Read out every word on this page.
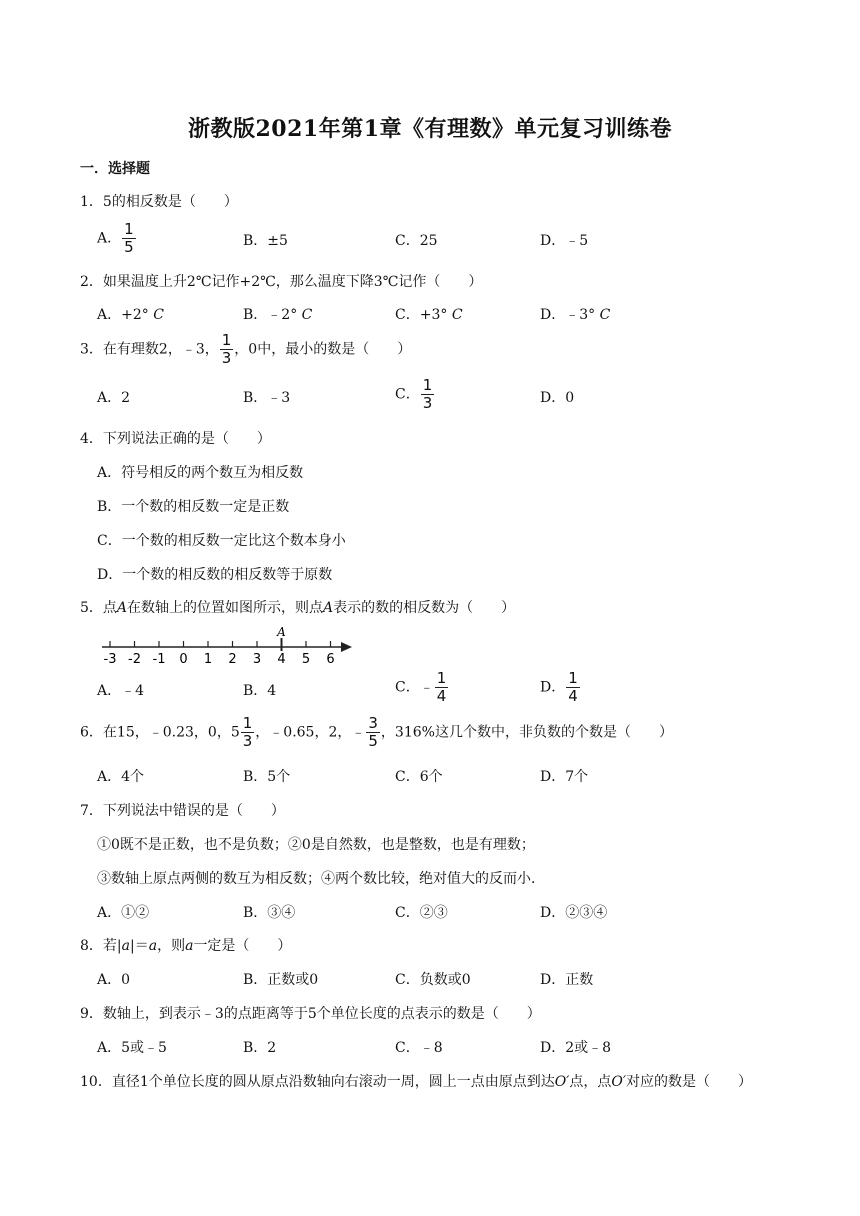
浙教版2021年第1章《有理数》单元复习训练卷
一．选择题
1．5的相反数是（　　）
A． $\frac{1}{5}$	B．±5	C．25	D．﹣5
2．如果温度上升2℃记作+2℃，那么温度下降3℃记作（　　）
A．+2° C	B．﹣2° C	C．+3° C	D．﹣3° C
3．在有理数2，﹣3， $\frac{1}{3}$ ，0中，最小的数是（　　）
A．2	B．﹣3	C． $\frac{1}{3}$	D．0
4．下列说法正确的是（　　）
A．符号相反的两个数互为相反数
B．一个数的相反数一定是正数
C．一个数的相反数一定比这个数本身小
D．一个数的相反数的相反数等于原数
5．点A在数轴上的位置如图所示，则点A表示的数的相反数为（　　）
-3 -2 -1 0 1 2 3 4 5 6
A
A．﹣4	B．4	C．﹣ $\frac{1}{4}$	D． $\frac{1}{4}$
6．在15，﹣0.23，0，$5 \frac{1}{3}$ ，﹣0.65，2，﹣ $\frac{3}{5}$ ，316%这几个数中，非负数的个数是（　　）
A．4个	B．5个	C．6个	D．7个
7．下列说法中错误的是（　　）
①0既不是正数，也不是负数；②0是自然数，也是整数，也是有理数；
③数轴上原点两侧的数互为相反数；④两个数比较，绝对值大的反而小．
A．①②	B．③④	C．②③	D．②③④
8．若|a|＝a，则a一定是（　　）
A．0	B．正数或0	C．负数或0	D．正数
9．数轴上，到表示﹣3的点距离等于5个单位长度的点表示的数是（　　）
A．5或﹣5	B．2	C．﹣8	D．2或﹣8
10．直径1个单位长度的圆从原点沿数轴向右滚动一周，圆上一点由原点到达O′点，点O′对应的数是（　　）
